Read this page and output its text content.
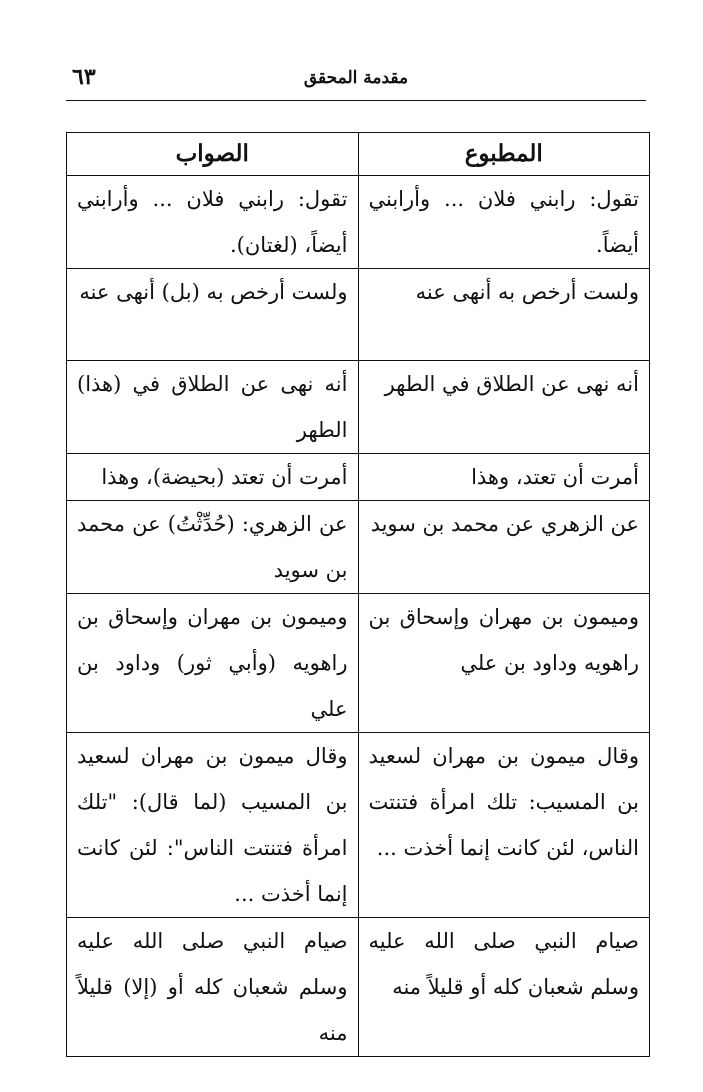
٦٣	مقدمة المحقق
المطبوع	الصواب
تقول: رابني فلان ... وأرابني أيضاً.	تقول: رابني فلان ... وأرابني أيضاً، (لغتان).
ولست أرخص به أنهى عنه	ولست أرخص به (بل) أنهى عنه
أنه نهى عن الطلاق في الطهر	أنه نهى عن الطلاق في (هذا) الطهر
أمرت أن تعتد، وهذا	أمرت أن تعتد (بحيضة)، وهذا
عن الزهري عن محمد بن سويد	عن الزهري: (حُدِّثْتُ) عن محمد بن سويد
وميمون بن مهران وإسحاق بن راهويه وداود بن علي	وميمون بن مهران وإسحاق بن راهويه (وأبي ثور) وداود بن علي
وقال ميمون بن مهران لسعيد بن المسيب: تلك امرأة فتنتت الناس، لئن كانت إنما أخذت ...	وقال ميمون بن مهران لسعيد بن المسيب (لما قال): "تلك امرأة فتنتت الناس": لئن كانت إنما أخذت ...
صيام النبي صلى الله عليه وسلم شعبان كله أو قليلاً منه	صيام النبي صلى الله عليه وسلم شعبان كله أو (إلا) قليلاً منه
